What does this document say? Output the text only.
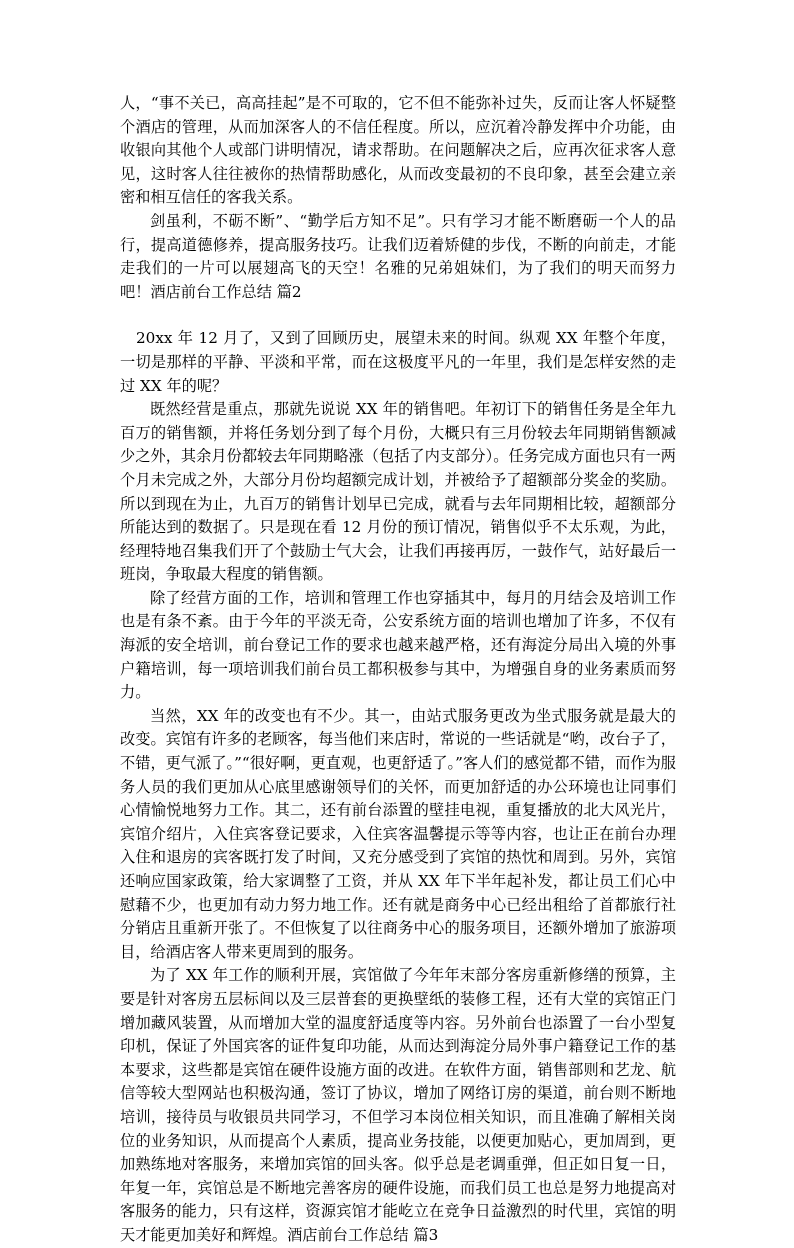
人，“事不关已，高高挂起”是不可取的，它不但不能弥补过失，反而让客人怀疑整个酒店的管理，从而加深客人的不信任程度。所以，应沉着冷静发挥中介功能，由收银向其他个人或部门讲明情况，请求帮助。在问题解决之后，应再次征求客人意见，这时客人往往被你的热情帮助感化，从而改变最初的不良印象，甚至会建立亲密和相互信任的客我关系。

剑虽利，不砺不断”、“勤学后方知不足”。只有学习才能不断磨砺一个人的品行，提高道德修养，提高服务技巧。让我们迈着矫健的步伐，不断的向前走，才能走我们的一片可以展翅高飞的天空！名雅的兄弟姐妹们，为了我们的明天而努力吧！酒店前台工作总结 篇2

20xx 年 12 月了，又到了回顾历史，展望未来的时间。纵观 XX 年整个年度，一切是那样的平静、平淡和平常，而在这极度平凡的一年里，我们是怎样安然的走过 XX 年的呢？

既然经营是重点，那就先说说 XX 年的销售吧。年初订下的销售任务是全年九百万的销售额，并将任务划分到了每个月份，大概只有三月份较去年同期销售额减少之外，其余月份都较去年同期略涨（包括了内支部分）。任务完成方面也只有一两个月未完成之外，大部分月份均超额完成计划，并被给予了超额部分奖金的奖励。所以到现在为止，九百万的销售计划早已完成，就看与去年同期相比较，超额部分所能达到的数据了。只是现在看 12 月份的预订情况，销售似乎不太乐观，为此，经理特地召集我们开了个鼓励士气大会，让我们再接再厉，一鼓作气，站好最后一班岗，争取最大程度的销售额。

除了经营方面的工作，培训和管理工作也穿插其中，每月的月结会及培训工作也是有条不紊。由于今年的平淡无奇，公安系统方面的培训也增加了许多，不仅有海派的安全培训，前台登记工作的要求也越来越严格，还有海淀分局出入境的外事户籍培训，每一项培训我们前台员工都积极参与其中，为增强自身的业务素质而努力。

当然，XX 年的改变也有不少。其一，由站式服务更改为坐式服务就是最大的改变。宾馆有许多的老顾客，每当他们来店时，常说的一些话就是“哟，改台子了，不错，更气派了。”“很好啊，更直观，也更舒适了。”客人们的感觉都不错，而作为服务人员的我们更加从心底里感谢领导们的关怀，而更加舒适的办公环境也让同事们心情愉悦地努力工作。其二，还有前台添置的壁挂电视，重复播放的北大风光片，宾馆介绍片，入住宾客登记要求，入住宾客温馨提示等等内容，也让正在前台办理入住和退房的宾客既打发了时间，又充分感受到了宾馆的热忱和周到。另外，宾馆还响应国家政策，给大家调整了工资，并从 XX 年下半年起补发，都让员工们心中慰藉不少，也更加有动力努力地工作。还有就是商务中心已经出租给了首都旅行社分销店且重新开张了。不但恢复了以往商务中心的服务项目，还额外增加了旅游项目，给酒店客人带来更周到的服务。

为了 XX 年工作的顺利开展，宾馆做了今年年末部分客房重新修缮的预算，主要是针对客房五层标间以及三层普套的更换壁纸的装修工程，还有大堂的宾馆正门增加藏风装置，从而增加大堂的温度舒适度等内容。另外前台也添置了一台小型复印机，保证了外国宾客的证件复印功能，从而达到海淀分局外事户籍登记工作的基本要求，这些都是宾馆在硬件设施方面的改进。在软件方面，销售部则和艺龙、航信等较大型网站也积极沟通，签订了协议，增加了网络订房的渠道，前台则不断地培训，接待员与收银员共同学习，不但学习本岗位相关知识，而且准确了解相关岗位的业务知识，从而提高个人素质，提高业务技能，以便更加贴心，更加周到，更加熟练地对客服务，来增加宾馆的回头客。似乎总是老调重弹，但正如日复一日，年复一年，宾馆总是不断地完善客房的硬件设施，而我们员工也总是努力地提高对客服务的能力，只有这样，资源宾馆才能屹立在竞争日益激烈的时代里，宾馆的明天才能更加美好和辉煌。酒店前台工作总结 篇3
